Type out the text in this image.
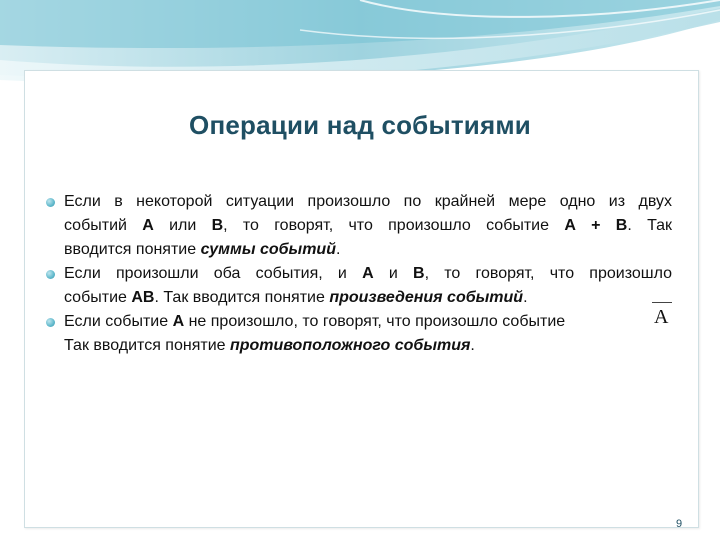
Операции над событиями
Если в некоторой ситуации произошло по крайней мере одно из двух
событий А или В, то говорят, что произошло событие А + В. Так
вводится понятие суммы событий.
Если произошли оба события, и А и В, то говорят, что произошло
событие АВ. Так вводится понятие произведения событий.
Если событие А не произошло, то говорят, что произошло событие
Так вводится понятие противоположного события.
А
9
